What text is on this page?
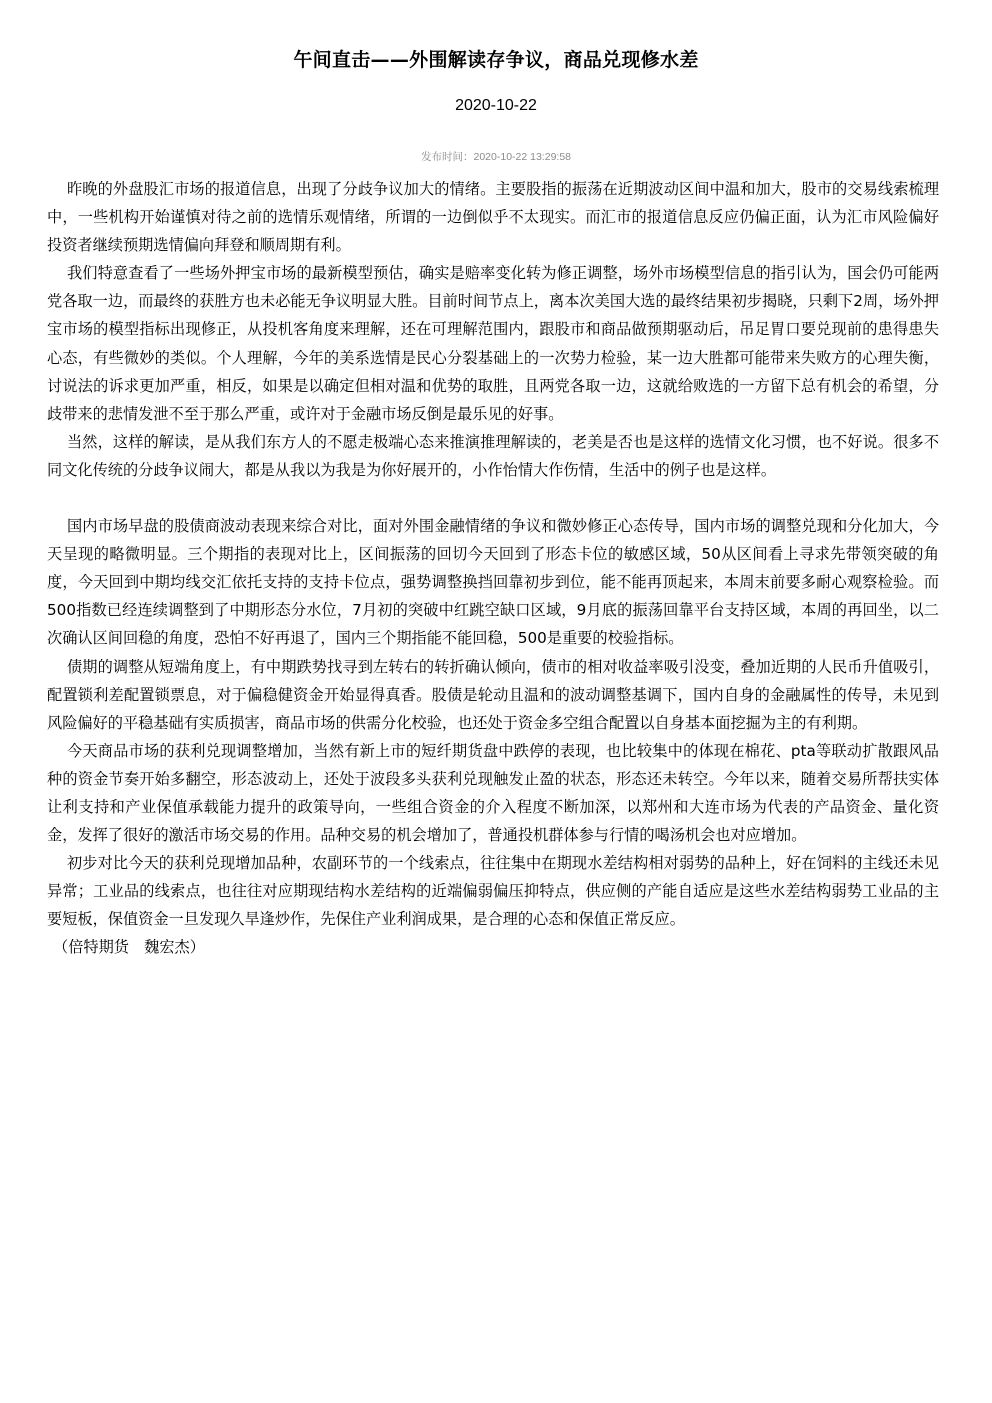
午间直击——外围解读存争议，商品兑现修水差
2020-10-22
发布时间：2020-10-22 13:29:58

昨晚的外盘股汇市场的报道信息，出现了分歧争议加大的情绪。主要股指的振荡在近期波动区间中温和加大，股市的交易线索梳理中，一些机构开始谨慎对待之前的选情乐观情绪，所谓的一边倒似乎不太现实。而汇市的报道信息反应仍偏正面，认为汇市风险偏好投资者继续预期选情偏向拜登和顺周期有利。

我们特意查看了一些场外押宝市场的最新模型预估，确实是赔率变化转为修正调整，场外市场模型信息的指引认为，国会仍可能两党各取一边，而最终的获胜方也未必能无争议明显大胜。目前时间节点上，离本次美国大选的最终结果初步揭晓，只剩下2周，场外押宝市场的模型指标出现修正，从投机客角度来理解，还在可理解范围内，跟股市和商品做预期驱动后，吊足胃口要兑现前的患得患失心态，有些微妙的类似。个人理解，今年的美系选情是民心分裂基础上的一次势力检验，某一边大胜都可能带来失败方的心理失衡，讨说法的诉求更加严重，相反，如果是以确定但相对温和优势的取胜，且两党各取一边，这就给败选的一方留下总有机会的希望，分歧带来的悲情发泄不至于那么严重，或许对于金融市场反倒是最乐见的好事。

当然，这样的解读，是从我们东方人的不愿走极端心态来推演推理解读的，老美是否也是这样的选情文化习惯，也不好说。很多不同文化传统的分歧争议闹大，都是从我以为我是为你好展开的，小作怡情大作伤情，生活中的例子也是这样。

国内市场早盘的股债商波动表现来综合对比，面对外围金融情绪的争议和微妙修正心态传导，国内市场的调整兑现和分化加大，今天呈现的略微明显。三个期指的表现对比上，区间振荡的回切今天回到了形态卡位的敏感区域，50从区间看上寻求先带领突破的角度，今天回到中期均线交汇依托支持的支持卡位点，强势调整换挡回靠初步到位，能不能再顶起来，本周末前要多耐心观察检验。而500指数已经连续调整到了中期形态分水位，7月初的突破中红跳空缺口区域，9月底的振荡回靠平台支持区域，本周的再回坐，以二次确认区间回稳的角度，恐怕不好再退了，国内三个期指能不能回稳，500是重要的校验指标。

债期的调整从短端角度上，有中期跌势找寻到左转右的转折确认倾向，债市的相对收益率吸引没变，叠加近期的人民币升值吸引，配置锁利差配置锁票息，对于偏稳健资金开始显得真香。股债是轮动且温和的波动调整基调下，国内自身的金融属性的传导，未见到风险偏好的平稳基础有实质损害，商品市场的供需分化校验，也还处于资金多空组合配置以自身基本面挖掘为主的有利期。

今天商品市场的获利兑现调整增加，当然有新上市的短纤期货盘中跌停的表现，也比较集中的体现在棉花、pta等联动扩散跟风品种的资金节奏开始多翻空，形态波动上，还处于波段多头获利兑现触发止盈的状态，形态还未转空。今年以来，随着交易所帮扶实体让利支持和产业保值承载能力提升的政策导向，一些组合资金的介入程度不断加深，以郑州和大连市场为代表的产品资金、量化资金，发挥了很好的激活市场交易的作用。品种交易的机会增加了，普通投机群体参与行情的喝汤机会也对应增加。

初步对比今天的获利兑现增加品种，农副环节的一个线索点，往往集中在期现水差结构相对弱势的品种上，好在饲料的主线还未见异常；工业品的线索点，也往往对应期现结构水差结构的近端偏弱偏压抑特点，供应侧的产能自适应是这些水差结构弱势工业品的主要短板，保值资金一旦发现久旱逢炒作，先保住产业利润成果，是合理的心态和保值正常反应。

（倍特期货　魏宏杰）
